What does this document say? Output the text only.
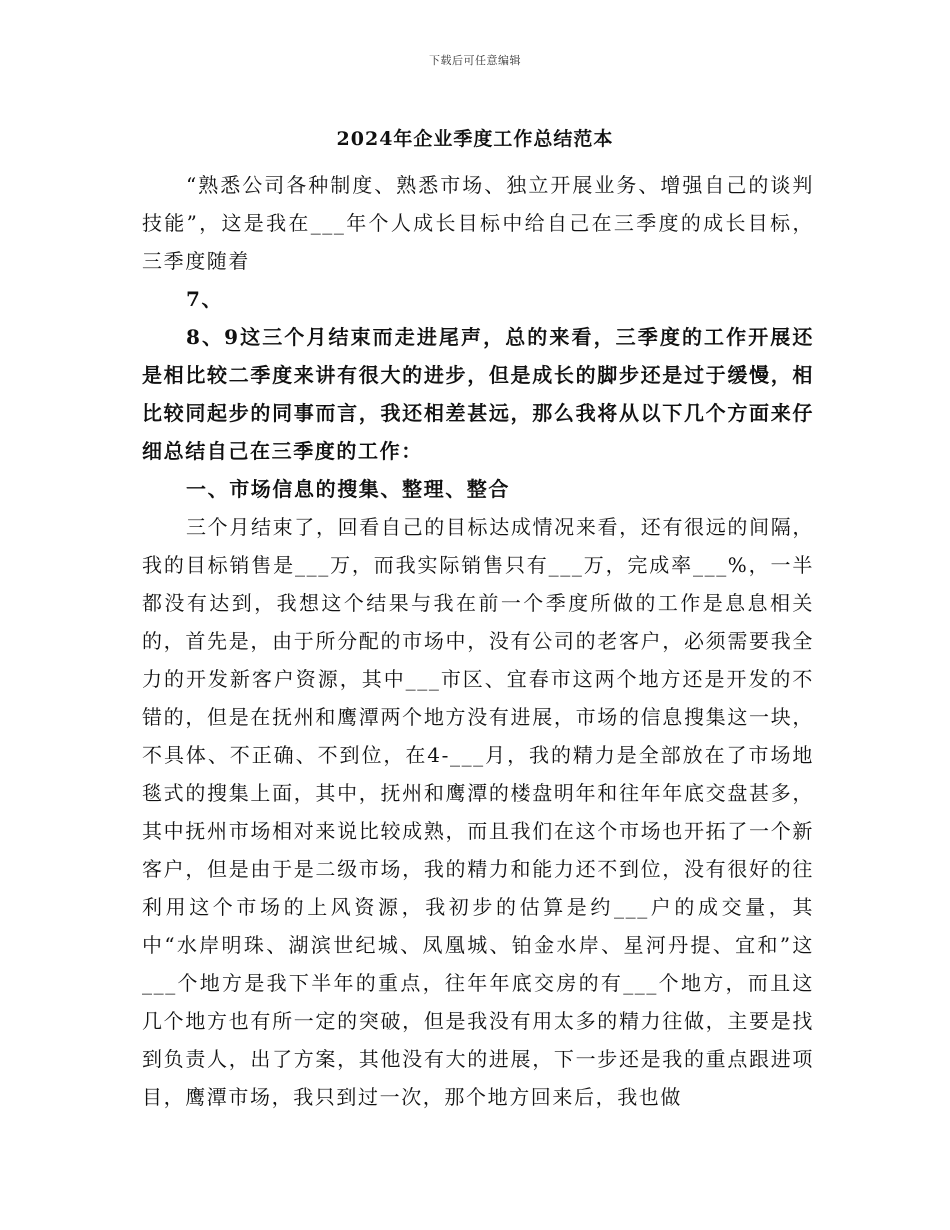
下载后可任意编辑
2024年企业季度工作总结范本

“熟悉公司各种制度、熟悉市场、独立开展业务、增强自己的谈判技能”，这是我在___年个人成长目标中给自己在三季度的成长目标，三季度随着

7、

8、9这三个月结束而走进尾声，总的来看，三季度的工作开展还是相比较二季度来讲有很大的进步，但是成长的脚步还是过于缓慢，相比较同起步的同事而言，我还相差甚远，那么我将从以下几个方面来仔细总结自己在三季度的工作：

一、市场信息的搜集、整理、整合

三个月结束了，回看自己的目标达成情况来看，还有很远的间隔，我的目标销售是___万，而我实际销售只有___万，完成率___%，一半都没有达到，我想这个结果与我在前一个季度所做的工作是息息相关的，首先是，由于所分配的市场中，没有公司的老客户，必须需要我全力的开发新客户资源，其中___市区、宜春市这两个地方还是开发的不错的，但是在抚州和鹰潭两个地方没有进展，市场的信息搜集这一块，不具体、不正确、不到位，在4-___月，我的精力是全部放在了市场地毯式的搜集上面，其中，抚州和鹰潭的楼盘明年和往年年底交盘甚多，其中抚州市场相对来说比较成熟，而且我们在这个市场也开拓了一个新客户，但是由于是二级市场，我的精力和能力还不到位，没有很好的往利用这个市场的上风资源，我初步的估算是约___户的成交量，其中“水岸明珠、湖滨世纪城、凤凰城、铂金水岸、星河丹提、宜和”这___个地方是我下半年的重点，往年年底交房的有___个地方，而且这几个地方也有所一定的突破，但是我没有用太多的精力往做，主要是找到负责人，出了方案，其他没有大的进展，下一步还是我的重点跟进项目，鹰潭市场，我只到过一次，那个地方回来后，我也做
